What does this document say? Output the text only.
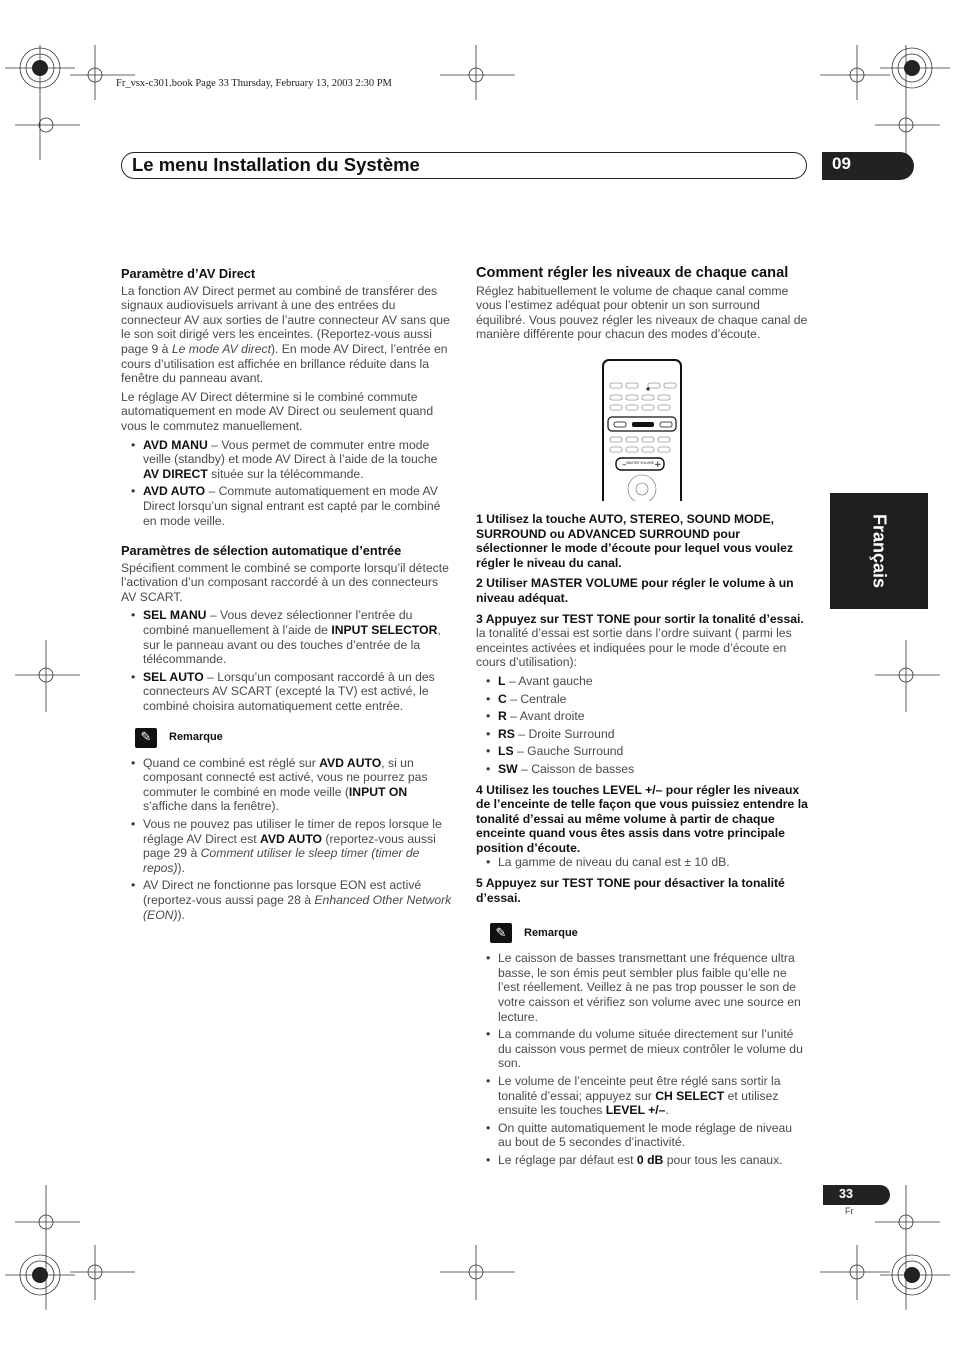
Fr_vsx-c301.book Page 33 Thursday, February 13, 2003 2:30 PM
Le menu Installation du Système	09
Français
Paramètre d’AV Direct

La fonction AV Direct permet au combiné de transférer des signaux audiovisuels arrivant à une des entrées du connecteur AV aux sorties de l’autre connecteur AV sans que le son soit dirigé vers les enceintes. (Reportez-vous aussi page 9 à Le mode AV direct). En mode AV Direct, l’entrée en cours d’utilisation est affichée en brillance réduite dans la fenêtre du panneau avant.

Le réglage AV Direct détermine si le combiné commute automatiquement en mode AV Direct ou seulement quand vous le commutez manuellement.

• AVD MANU – Vous permet de commuter entre mode veille (standby) et mode AV Direct à l’aide de la touche AV DIRECT située sur la télécommande.
• AVD AUTO – Commute automatiquement en mode AV Direct lorsqu’un signal entrant est capté par le combiné en mode veille.
Paramètres de sélection automatique d’entrée

Spécifient comment le combiné se comporte lorsqu’il détecte l’activation d’un composant raccordé à un des connecteurs AV SCART.

• SEL MANU – Vous devez sélectionner l’entrée du combiné manuellement à l’aide de INPUT SELECTOR, sur le panneau avant ou des touches d’entrée de la télécommande.
• SEL AUTO – Lorsqu’un composant raccordé à un des connecteurs AV SCART (excepté la TV) est activé, le combiné choisira automatiquement cette entrée.
✎	Remarque
• Quand ce combiné est réglé sur AVD AUTO, si un composant connecté est activé, vous ne pourrez pas commuter le combiné en mode veille (INPUT ON s’affiche dans la fenêtre).
• Vous ne pouvez pas utiliser le timer de repos lorsque le réglage AV Direct est AVD AUTO (reportez-vous aussi page 29 à Comment utiliser le sleep timer (timer de repos)).
• AV Direct ne fonctionne pas lorsque EON est activé (reportez-vous aussi page 28 à Enhanced Other Network (EON)).
Comment régler les niveaux de chaque canal

Réglez habituellement le volume de chaque canal comme vous l’estimez adéquat pour obtenir un son surround équilibré. Vous pouvez régler les niveaux de chaque canal de manière différente pour chacun des modes d’écoute.

–	+
MASTER VOLUME

1 Utilisez la touche AUTO, STEREO, SOUND MODE, SURROUND ou ADVANCED SURROUND pour sélectionner le mode d’écoute pour lequel vous voulez régler le niveau du canal.

2 Utiliser MASTER VOLUME pour régler le volume à un niveau adéquat.

3 Appuyez sur TEST TONE pour sortir la tonalité d’essai.

la tonalité d’essai est sortie dans l’ordre suivant ( parmi les enceintes activées et indiquées pour le mode d’écoute en cours d’utilisation):

• L – Avant gauche
• C – Centrale
• R – Avant droite
• RS – Droite Surround
• LS – Gauche Surround
• SW – Caisson de basses

4 Utilisez les touches LEVEL +/– pour régler les niveaux de l’enceinte de telle façon que vous puissiez entendre la tonalité d’essai au même volume à partir de chaque enceinte quand vous êtes assis dans votre principale position d’écoute.

• La gamme de niveau du canal est ± 10 dB.

5 Appuyez sur TEST TONE pour désactiver la tonalité d’essai.

✎	Remarque
• Le caisson de basses transmettant une fréquence ultra basse, le son émis peut sembler plus faible qu’elle ne l’est réellement. Veillez à ne pas trop pousser le son de votre caisson et vérifiez son volume avec une source en lecture.
• La commande du volume située directement sur l’unité du caisson vous permet de mieux contrôler le volume du son.
• Le volume de l’enceinte peut être réglé sans sortir la tonalité d’essai; appuyez sur CH SELECT et utilisez ensuite les touches LEVEL +/–.
• On quitte automatiquement le mode réglage de niveau au bout de 5 secondes d’inactivité.
• Le réglage par défaut est 0 dB pour tous les canaux.
33
Fr
